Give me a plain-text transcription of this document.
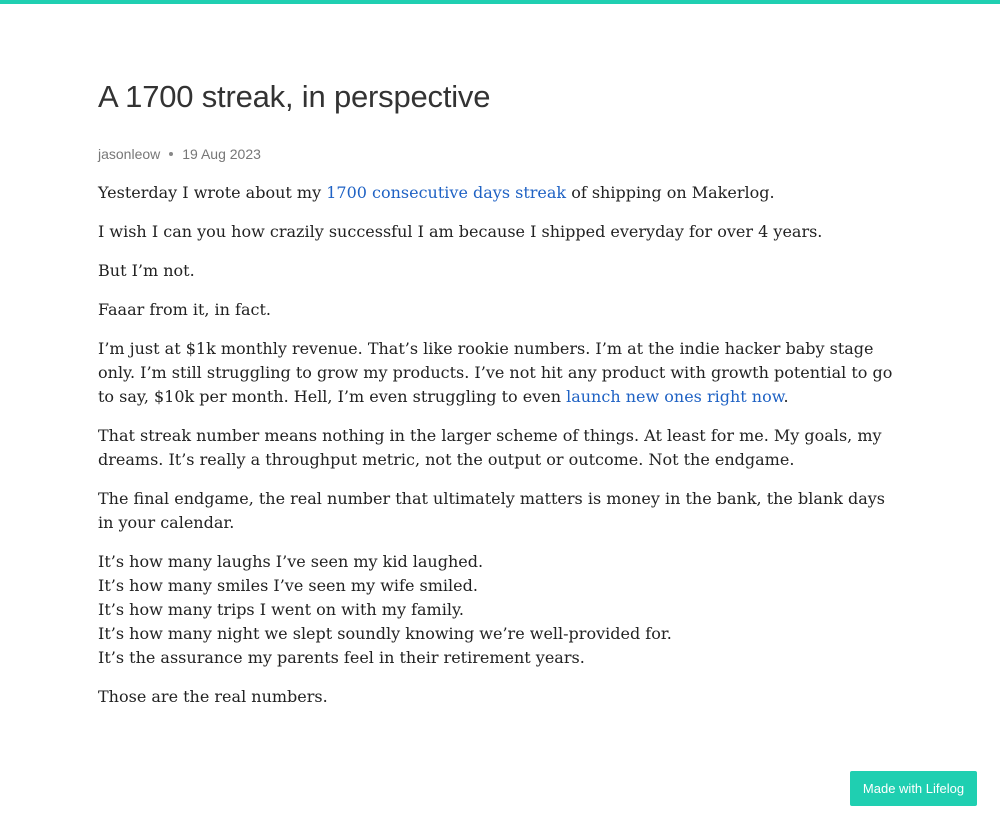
A 1700 streak, in perspective
jasonleow 19 Aug 2023

Yesterday I wrote about my 1700 consecutive days streak of shipping on Makerlog.

I wish I can you how crazily successful I am because I shipped everyday for over 4 years.

But I’m not.

Faaar from it, in fact.

I’m just at $1k monthly revenue. That’s like rookie numbers. I’m at the indie hacker baby stage only. I’m still struggling to grow my products. I’ve not hit any product with growth potential to go to say, $10k per month. Hell, I’m even struggling to even launch new ones right now.

That streak number means nothing in the larger scheme of things. At least for me. My goals, my dreams. It’s really a throughput metric, not the output or outcome. Not the endgame.

The final endgame, the real number that ultimately matters is money in the bank, the blank days in your calendar.

It’s how many laughs I’ve seen my kid laughed.
It’s how many smiles I’ve seen my wife smiled.
It’s how many trips I went on with my family.
It’s how many night we slept soundly knowing we’re well-provided for.
It’s the assurance my parents feel in their retirement years.

Those are the real numbers.

Made with Lifelog
